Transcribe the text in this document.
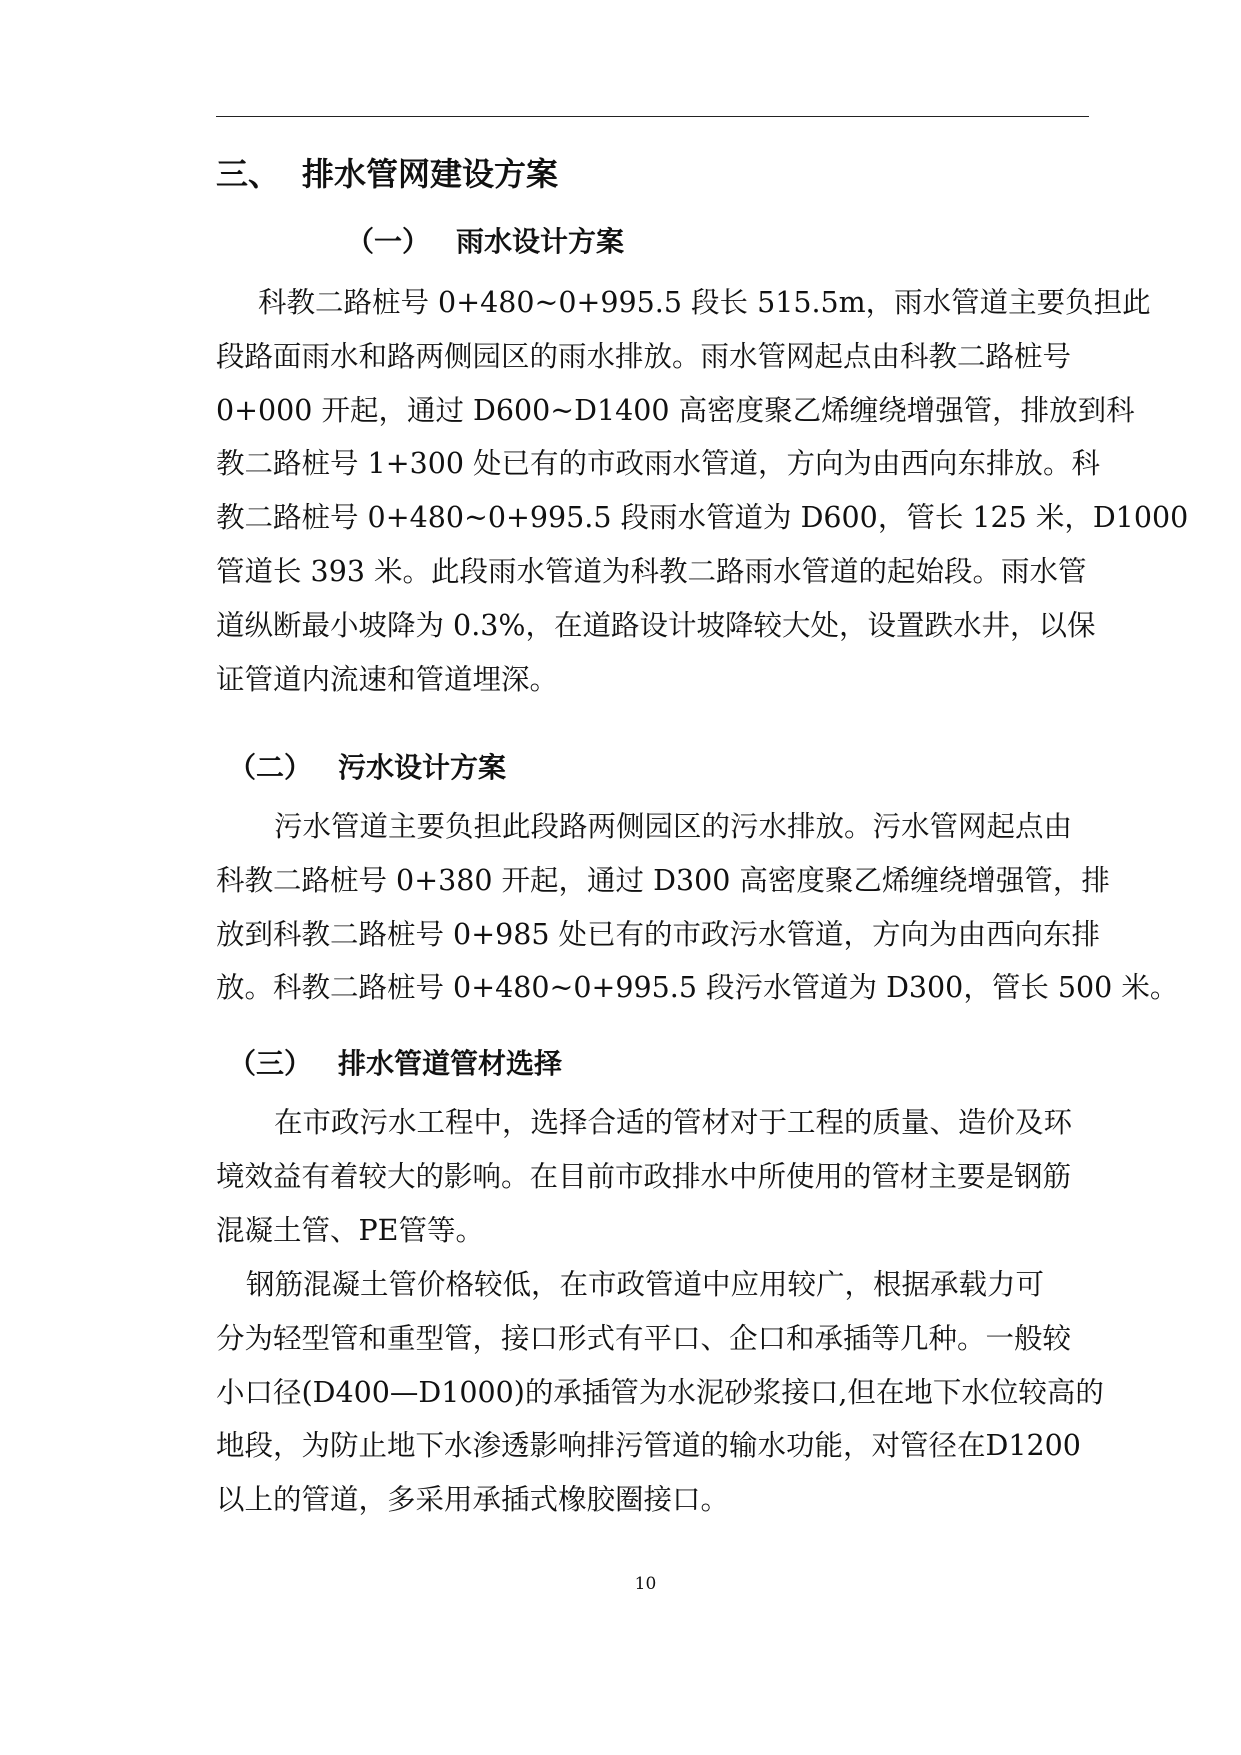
三、 排水管网建设方案
（一） 雨水设计方案
科教二路桩号 0+480~0+995.5 段长 515.5m，雨水管道主要负担此
段路面雨水和路两侧园区的雨水排放。雨水管网起点由科教二路桩号
0+000 开起，通过 D600~D1400 高密度聚乙烯缠绕增强管，排放到科
教二路桩号 1+300 处已有的市政雨水管道，方向为由西向东排放。科
教二路桩号 0+480~0+995.5 段雨水管道为 D600，管长 125 米，D1000
管道长 393 米。此段雨水管道为科教二路雨水管道的起始段。雨水管
道纵断最小坡降为 0.3%，在道路设计坡降较大处，设置跌水井，以保
证管道内流速和管道埋深。
（二） 污水设计方案
污水管道主要负担此段路两侧园区的污水排放。污水管网起点由
科教二路桩号 0+380 开起，通过 D300 高密度聚乙烯缠绕增强管，排
放到科教二路桩号 0+985 处已有的市政污水管道，方向为由西向东排
放。科教二路桩号 0+480~0+995.5 段污水管道为 D300，管长 500 米。
（三） 排水管道管材选择
在市政污水工程中，选择合适的管材对于工程的质量、造价及环
境效益有着较大的影响。在目前市政排水中所使用的管材主要是钢筋
混凝土管、PE管等。
钢筋混凝土管价格较低，在市政管道中应用较广，根据承载力可
分为轻型管和重型管，接口形式有平口、企口和承插等几种。一般较
小口径(D400—D1000)的承插管为水泥砂浆接口,但在地下水位较高的
地段，为防止地下水渗透影响排污管道的输水功能，对管径在D1200
以上的管道，多采用承插式橡胶圈接口。
10
